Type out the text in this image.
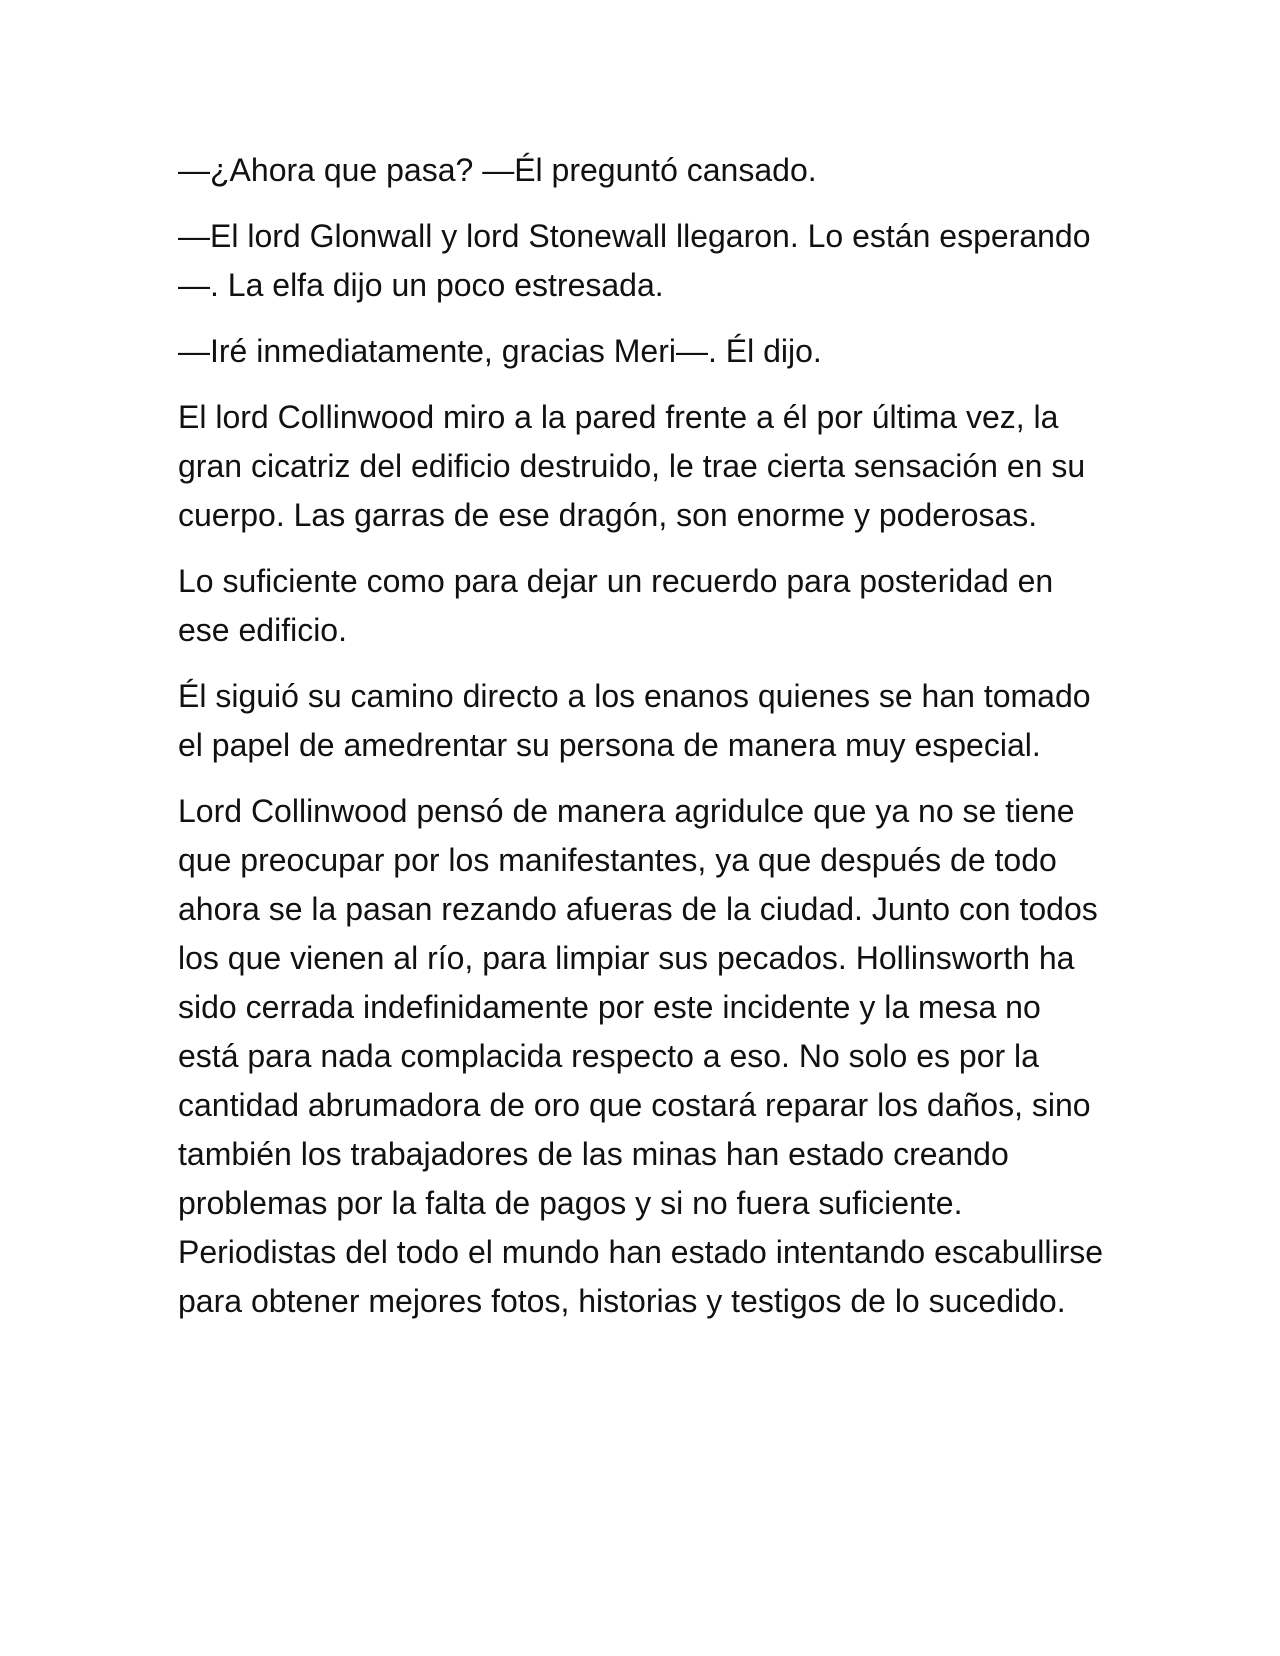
—¿Ahora que pasa? —Él preguntó cansado.

—El lord Glonwall y lord Stonewall llegaron. Lo están esperando—. La elfa dijo un poco estresada.

—Iré inmediatamente, gracias Meri—. Él dijo.

El lord Collinwood miro a la pared frente a él por última vez, la gran cicatriz del edificio destruido, le trae cierta sensación en su cuerpo. Las garras de ese dragón, son enorme y poderosas.

Lo suficiente como para dejar un recuerdo para posteridad en ese edificio.

Él siguió su camino directo a los enanos quienes se han tomado el papel de amedrentar su persona de manera muy especial.

Lord Collinwood pensó de manera agridulce que ya no se tiene que preocupar por los manifestantes, ya que después de todo ahora se la pasan rezando afueras de la ciudad. Junto con todos los que vienen al río, para limpiar sus pecados. Hollinsworth ha sido cerrada indefinidamente por este incidente y la mesa no está para nada complacida respecto a eso. No solo es por la cantidad abrumadora de oro que costará reparar los daños, sino también los trabajadores de las minas han estado creando problemas por la falta de pagos y si no fuera suficiente. Periodistas del todo el mundo han estado intentando escabullirse para obtener mejores fotos, historias y testigos de lo sucedido.
